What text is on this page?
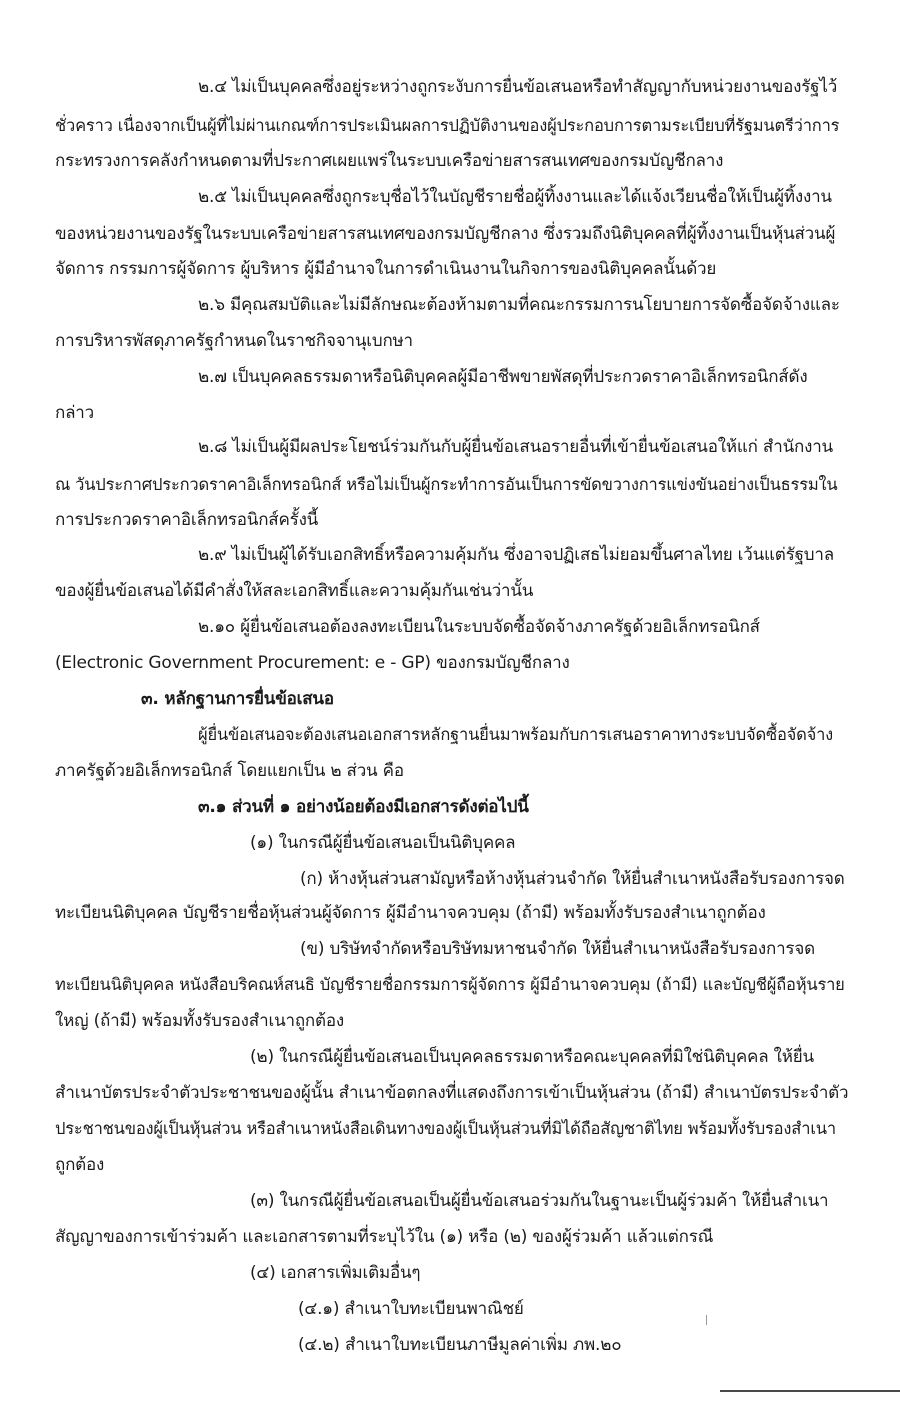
๒.๔ ไม่เป็นบุคคลซึ่งอยู่ระหว่างถูกระงับการยื่นข้อเสนอหรือทำสัญญากับหน่วยงานของรัฐไว้
ชั่วคราว เนื่องจากเป็นผู้ที่ไม่ผ่านเกณฑ์การประเมินผลการปฏิบัติงานของผู้ประกอบการตามระเบียบที่รัฐมนตรีว่าการ
กระทรวงการคลังกำหนดตามที่ประกาศเผยแพร่ในระบบเครือข่ายสารสนเทศของกรมบัญชีกลาง
๒.๕ ไม่เป็นบุคคลซึ่งถูกระบุชื่อไว้ในบัญชีรายชื่อผู้ทิ้งงานและได้แจ้งเวียนชื่อให้เป็นผู้ทิ้งงาน
ของหน่วยงานของรัฐในระบบเครือข่ายสารสนเทศของกรมบัญชีกลาง ซึ่งรวมถึงนิติบุคคลที่ผู้ทิ้งงานเป็นหุ้นส่วนผู้
จัดการ กรรมการผู้จัดการ ผู้บริหาร ผู้มีอำนาจในการดำเนินงานในกิจการของนิติบุคคลนั้นด้วย
๒.๖ มีคุณสมบัติและไม่มีลักษณะต้องห้ามตามที่คณะกรรมการนโยบายการจัดซื้อจัดจ้างและ
การบริหารพัสดุภาครัฐกำหนดในราชกิจจานุเบกษา
๒.๗ เป็นบุคคลธรรมดาหรือนิติบุคคลผู้มีอาชีพขายพัสดุที่ประกวดราคาอิเล็กทรอนิกส์ดัง
กล่าว
๒.๘ ไม่เป็นผู้มีผลประโยชน์ร่วมกันกับผู้ยื่นข้อเสนอรายอื่นที่เข้ายื่นข้อเสนอให้แก่ สำนักงาน
ณ วันประกาศประกวดราคาอิเล็กทรอนิกส์ หรือไม่เป็นผู้กระทำการอันเป็นการขัดขวางการแข่งขันอย่างเป็นธรรมใน
การประกวดราคาอิเล็กทรอนิกส์ครั้งนี้
๒.๙ ไม่เป็นผู้ได้รับเอกสิทธิ์หรือความคุ้มกัน ซึ่งอาจปฏิเสธไม่ยอมขึ้นศาลไทย เว้นแต่รัฐบาล
ของผู้ยื่นข้อเสนอได้มีคำสั่งให้สละเอกสิทธิ์และความคุ้มกันเช่นว่านั้น
๒.๑๐ ผู้ยื่นข้อเสนอต้องลงทะเบียนในระบบจัดซื้อจัดจ้างภาครัฐด้วยอิเล็กทรอนิกส์
(Electronic Government Procurement: e - GP) ของกรมบัญชีกลาง
๓. หลักฐานการยื่นข้อเสนอ
ผู้ยื่นข้อเสนอจะต้องเสนอเอกสารหลักฐานยื่นมาพร้อมกับการเสนอราคาทางระบบจัดซื้อจัดจ้าง
ภาครัฐด้วยอิเล็กทรอนิกส์ โดยแยกเป็น ๒ ส่วน คือ
๓.๑ ส่วนที่ ๑ อย่างน้อยต้องมีเอกสารดังต่อไปนี้
(๑) ในกรณีผู้ยื่นข้อเสนอเป็นนิติบุคคล
(ก) ห้างหุ้นส่วนสามัญหรือห้างหุ้นส่วนจำกัด ให้ยื่นสำเนาหนังสือรับรองการจด
ทะเบียนนิติบุคคล บัญชีรายชื่อหุ้นส่วนผู้จัดการ ผู้มีอำนาจควบคุม (ถ้ามี) พร้อมทั้งรับรองสำเนาถูกต้อง
(ข) บริษัทจำกัดหรือบริษัทมหาชนจำกัด ให้ยื่นสำเนาหนังสือรับรองการจด
ทะเบียนนิติบุคคล หนังสือบริคณห์สนธิ บัญชีรายชื่อกรรมการผู้จัดการ ผู้มีอำนาจควบคุม (ถ้ามี) และบัญชีผู้ถือหุ้นราย
ใหญ่ (ถ้ามี) พร้อมทั้งรับรองสำเนาถูกต้อง
(๒) ในกรณีผู้ยื่นข้อเสนอเป็นบุคคลธรรมดาหรือคณะบุคคลที่มิใช่นิติบุคคล ให้ยื่น
สำเนาบัตรประจำตัวประชาชนของผู้นั้น สำเนาข้อตกลงที่แสดงถึงการเข้าเป็นหุ้นส่วน (ถ้ามี) สำเนาบัตรประจำตัว
ประชาชนของผู้เป็นหุ้นส่วน หรือสำเนาหนังสือเดินทางของผู้เป็นหุ้นส่วนที่มิได้ถือสัญชาติไทย พร้อมทั้งรับรองสำเนา
ถูกต้อง
(๓) ในกรณีผู้ยื่นข้อเสนอเป็นผู้ยื่นข้อเสนอร่วมกันในฐานะเป็นผู้ร่วมค้า ให้ยื่นสำเนา
สัญญาของการเข้าร่วมค้า และเอกสารตามที่ระบุไว้ใน (๑) หรือ (๒) ของผู้ร่วมค้า แล้วแต่กรณี
(๔) เอกสารเพิ่มเติมอื่นๆ
(๔.๑) สำเนาใบทะเบียนพาณิชย์
(๔.๒) สำเนาใบทะเบียนภาษีมูลค่าเพิ่ม ภพ.๒๐
